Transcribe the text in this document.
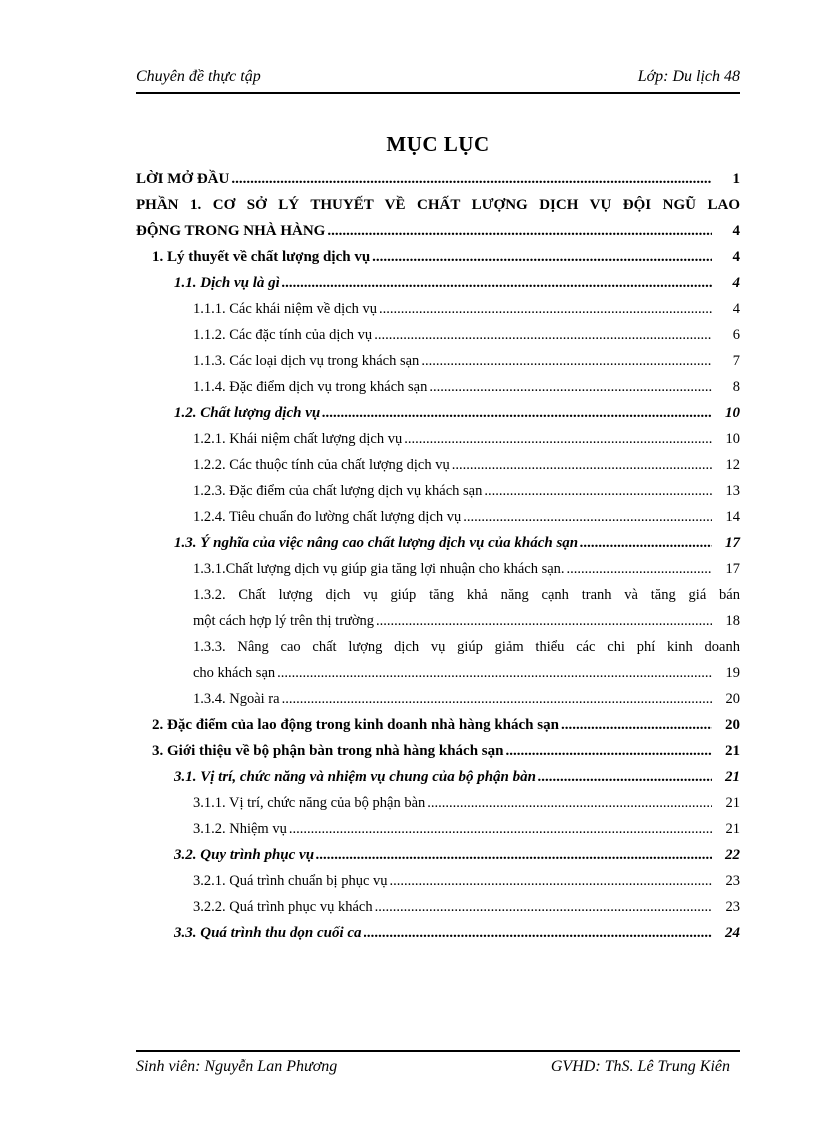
Chuyên đề thực tập	Lớp: Du lịch 48
MỤC LỤC
LỜI MỞ ĐẦU .....	1
PHẦN 1. CƠ SỞ LÝ THUYẾT VỀ CHẤT LƯỢNG DỊCH VỤ ĐỘI NGŨ LAO
ĐỘNG TRONG NHÀ HÀNG .....	4
1. Lý thuyết về chất lượng dịch vụ .....	4
1.1. Dịch vụ là gì .....	4
1.1.1. Các khái niệm về dịch vụ .....	4
1.1.2. Các đặc tính của dịch vụ .....	6
1.1.3. Các loại dịch vụ trong khách sạn .....	7
1.1.4. Đặc điểm dịch vụ trong khách sạn .....	8
1.2. Chất lượng dịch vụ .....	10
1.2.1. Khái niệm chất lượng dịch vụ .....	10
1.2.2. Các thuộc tính của chất lượng dịch vụ .....	12
1.2.3. Đặc điểm của chất lượng dịch vụ khách sạn .....	13
1.2.4. Tiêu chuẩn đo lường chất lượng dịch vụ .....	14
1.3. Ý nghĩa của việc nâng cao chất lượng dịch vụ của khách sạn .....	17
1.3.1.Chất lượng dịch vụ giúp gia tăng lợi nhuận cho khách sạn. .....	17
1.3.2. Chất lượng dịch vụ giúp tăng khả năng cạnh tranh và tăng giá bán
một cách hợp lý trên thị trường .....	18
1.3.3. Nâng cao chất lượng dịch vụ giúp giảm thiểu các chi phí kinh doanh
cho khách sạn .....	19
1.3.4. Ngoài ra .....	20
2. Đặc điểm của lao động trong kinh doanh nhà hàng khách sạn .....	20
3. Giới thiệu về bộ phận bàn trong nhà hàng khách sạn .....	21
3.1. Vị trí, chức năng và nhiệm vụ chung của bộ phận bàn .....	21
3.1.1. Vị trí, chức năng của bộ phận bàn .....	21
3.1.2. Nhiệm vụ .....	21
3.2. Quy trình phục vụ .....	22
3.2.1. Quá trình chuẩn bị phục vụ .....	23
3.2.2. Quá trình phục vụ khách .....	23
3.3. Quá trình thu dọn cuối ca .....	24
Sinh viên: Nguyễn Lan Phương	GVHD: ThS. Lê Trung Kiên
